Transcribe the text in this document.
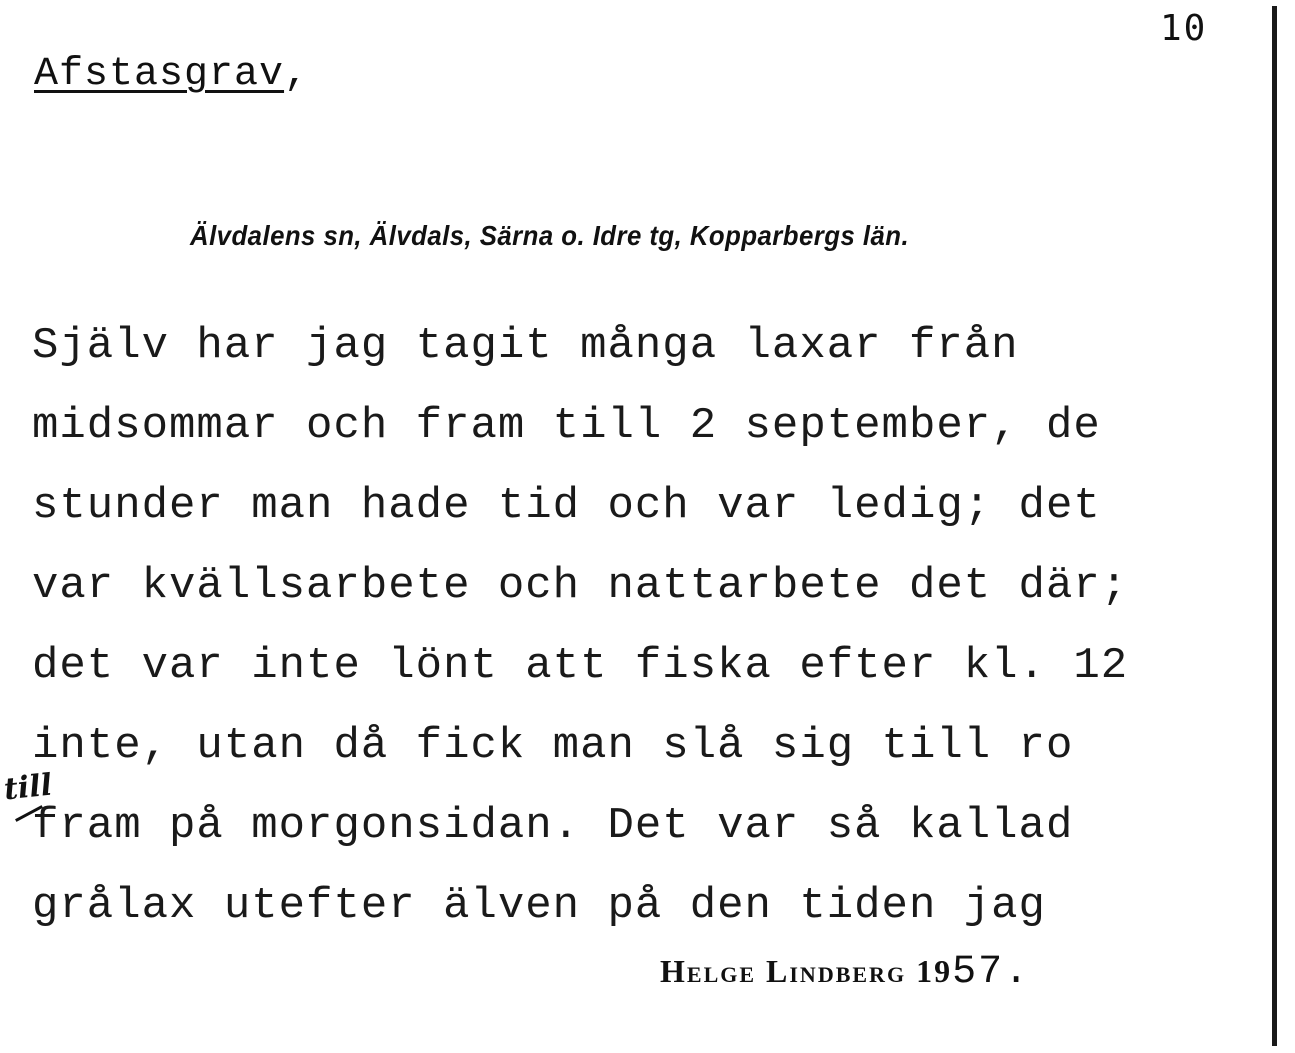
10
Afstasgrav,
Älvdalens sn, Älvdals, Särna o. Idre tg, Kopparbergs län.
Själv har jag tagit många laxar från
midsommar och fram till 2 september, de
stunder man hade tid och var ledig; det
var kvällsarbete och nattarbete det där;
det var inte lönt att fiska efter kl. 12
inte, utan då fick man slå sig till ro
fram på morgonsidan. Det var så kallad
grålax utefter älven på den tiden jag
till
Helge Lindberg 1957.
